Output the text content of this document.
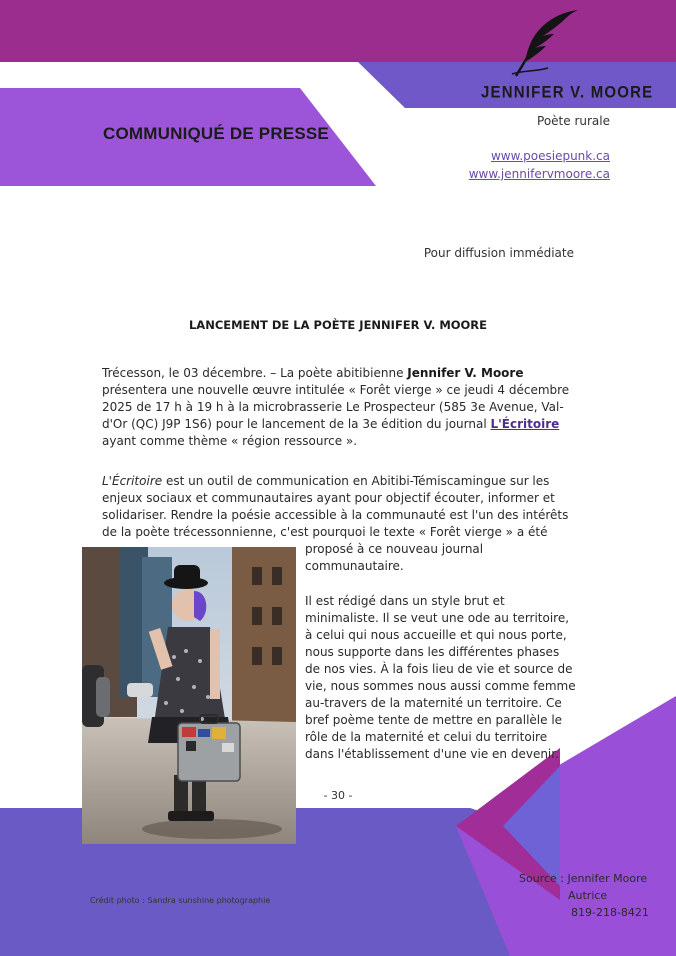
JENNIFER V. MOORE
COMMUNIQUÉ DE PRESSE
Poète rurale
www.poesiepunk.ca
www.jennifervmoore.ca
Pour diffusion immédiate
LANCEMENT DE LA POÈTE JENNIFER V. MOORE
Trécesson, le 03 décembre. – La poète abitibienne Jennifer V. Moore présentera une nouvelle œuvre intitulée « Forêt vierge » ce jeudi 4 décembre 2025 de 17 h à 19 h à la microbrasserie Le Prospecteur (585 3e Avenue, Val-d'Or (QC) J9P 1S6) pour le lancement de la 3e édition du journal L'Écritoire ayant comme thème « région ressource ».
L'Écritoire est un outil de communication en Abitibi-Témiscamingue sur les enjeux sociaux et communautaires ayant pour objectif écouter, informer et solidariser. Rendre la poésie accessible à la communauté est l'un des intérêts de la poète trécessonnienne, c'est pourquoi le texte « Forêt vierge » a été
proposé à ce nouveau journal communautaire.
Il est rédigé dans un style brut et minimaliste. Il se veut une ode au territoire, à celui qui nous accueille et qui nous porte, nous supporte dans les différentes phases de nos vies. À la fois lieu de vie et source de vie, nous sommes nous aussi comme femme au-travers de la maternité un territoire. Ce bref poème tente de mettre en parallèle le rôle de la maternité et celui du territoire dans l'établissement d'une vie en devenir.
Crédit photo : Sandra sunshine photographie
- 30 -
Source : Jennifer Moore
Autrice
819-218-8421
